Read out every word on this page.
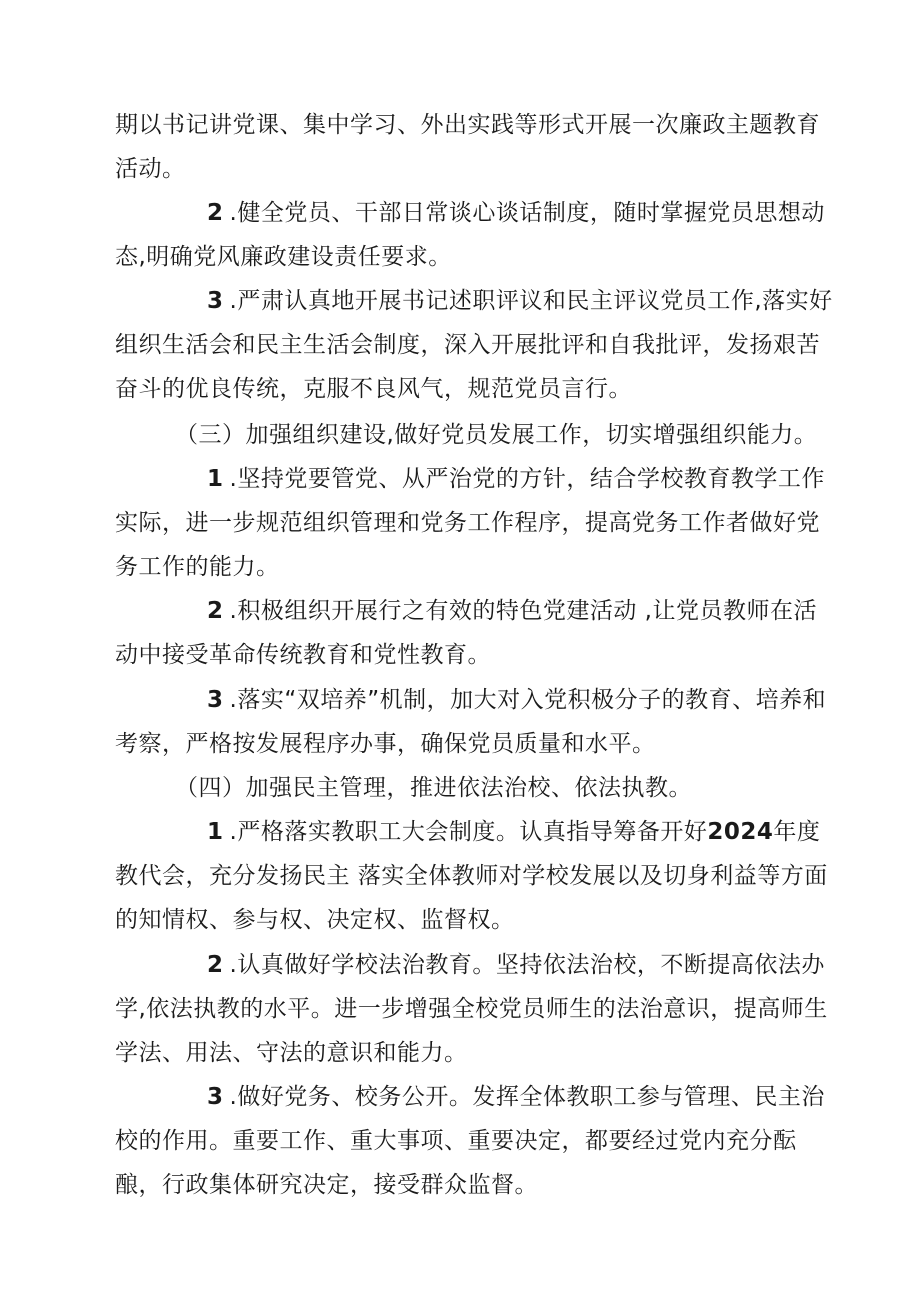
期以书记讲党课、集中学习、外出实践等形式开展一次廉政主题教育活动。

2 .健全党员、干部日常谈心谈话制度，随时掌握党员思想动态,明确党风廉政建设责任要求。

3 .严肃认真地开展书记述职评议和民主评议党员工作,落实好组织生活会和民主生活会制度，深入开展批评和自我批评，发扬艰苦奋斗的优良传统，克服不良风气，规范党员言行。

（三）加强组织建设,做好党员发展工作，切实增强组织能力。

1 .坚持党要管党、从严治党的方针，结合学校教育教学工作实际，进一步规范组织管理和党务工作程序，提高党务工作者做好党务工作的能力。

2 .积极组织开展行之有效的特色党建活动 ,让党员教师在活动中接受革命传统教育和党性教育。

3 .落实“双培养”机制，加大对入党积极分子的教育、培养和考察，严格按发展程序办事，确保党员质量和水平。

（四）加强民主管理，推进依法治校、依法执教。

1 .严格落实教职工大会制度。认真指导筹备开好2024年度教代会，充分发扬民主 落实全体教师对学校发展以及切身利益等方面的知情权、参与权、决定权、监督权。

2 .认真做好学校法治教育。坚持依法治校，不断提高依法办学,依法执教的水平。进一步增强全校党员师生的法治意识，提高师生学法、用法、守法的意识和能力。

3 .做好党务、校务公开。发挥全体教职工参与管理、民主治校的作用。重要工作、重大事项、重要决定，都要经过党内充分酝酿，行政集体研究决定，接受群众监督。
